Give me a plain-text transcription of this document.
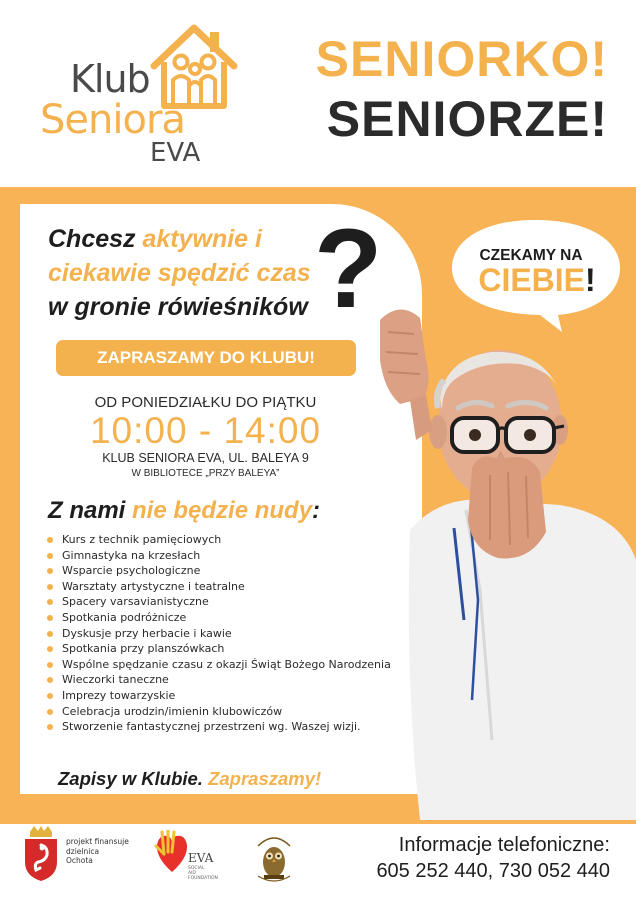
Klub
Seniora
EVA
SENIORKO!
SENIORZE!
CZEKAMY NA
CIEBIE!
Chcesz aktywnie i
ciekawie spędzić czas
w gronie rówieśników ?
ZAPRASZAMY DO KLUBU!
OD PONIEDZIAŁKU DO PIĄTKU
10:00 - 14:00
KLUB SENIORA EVA, UL. BALEYA 9
W BIBLIOTECE „PRZY BALEYA”
Z nami nie będzie nudy:
Kurs z technik pamięciowych
Gimnastyka na krzesłach
Wsparcie psychologiczne
Warsztaty artystyczne i teatralne
Spacery varsavianistyczne
Spotkania podróżnicze
Dyskusje przy herbacie i kawie
Spotkania przy planszówkach
Wspólne spędzanie czasu z okazji Świąt Bożego Narodzenia
Wieczorki taneczne
Imprezy towarzyskie
Celebracja urodzin/imienin klubowiczów
Stworzenie fantastycznej przestrzeni wg. Waszej wizji.
Zapisy w Klubie. Zapraszamy!
projekt finansuje
dzielnica
Ochota	EVA
SOCIAL
AID
FOUNDATION
Informacje telefoniczne:
605 252 440, 730 052 440
